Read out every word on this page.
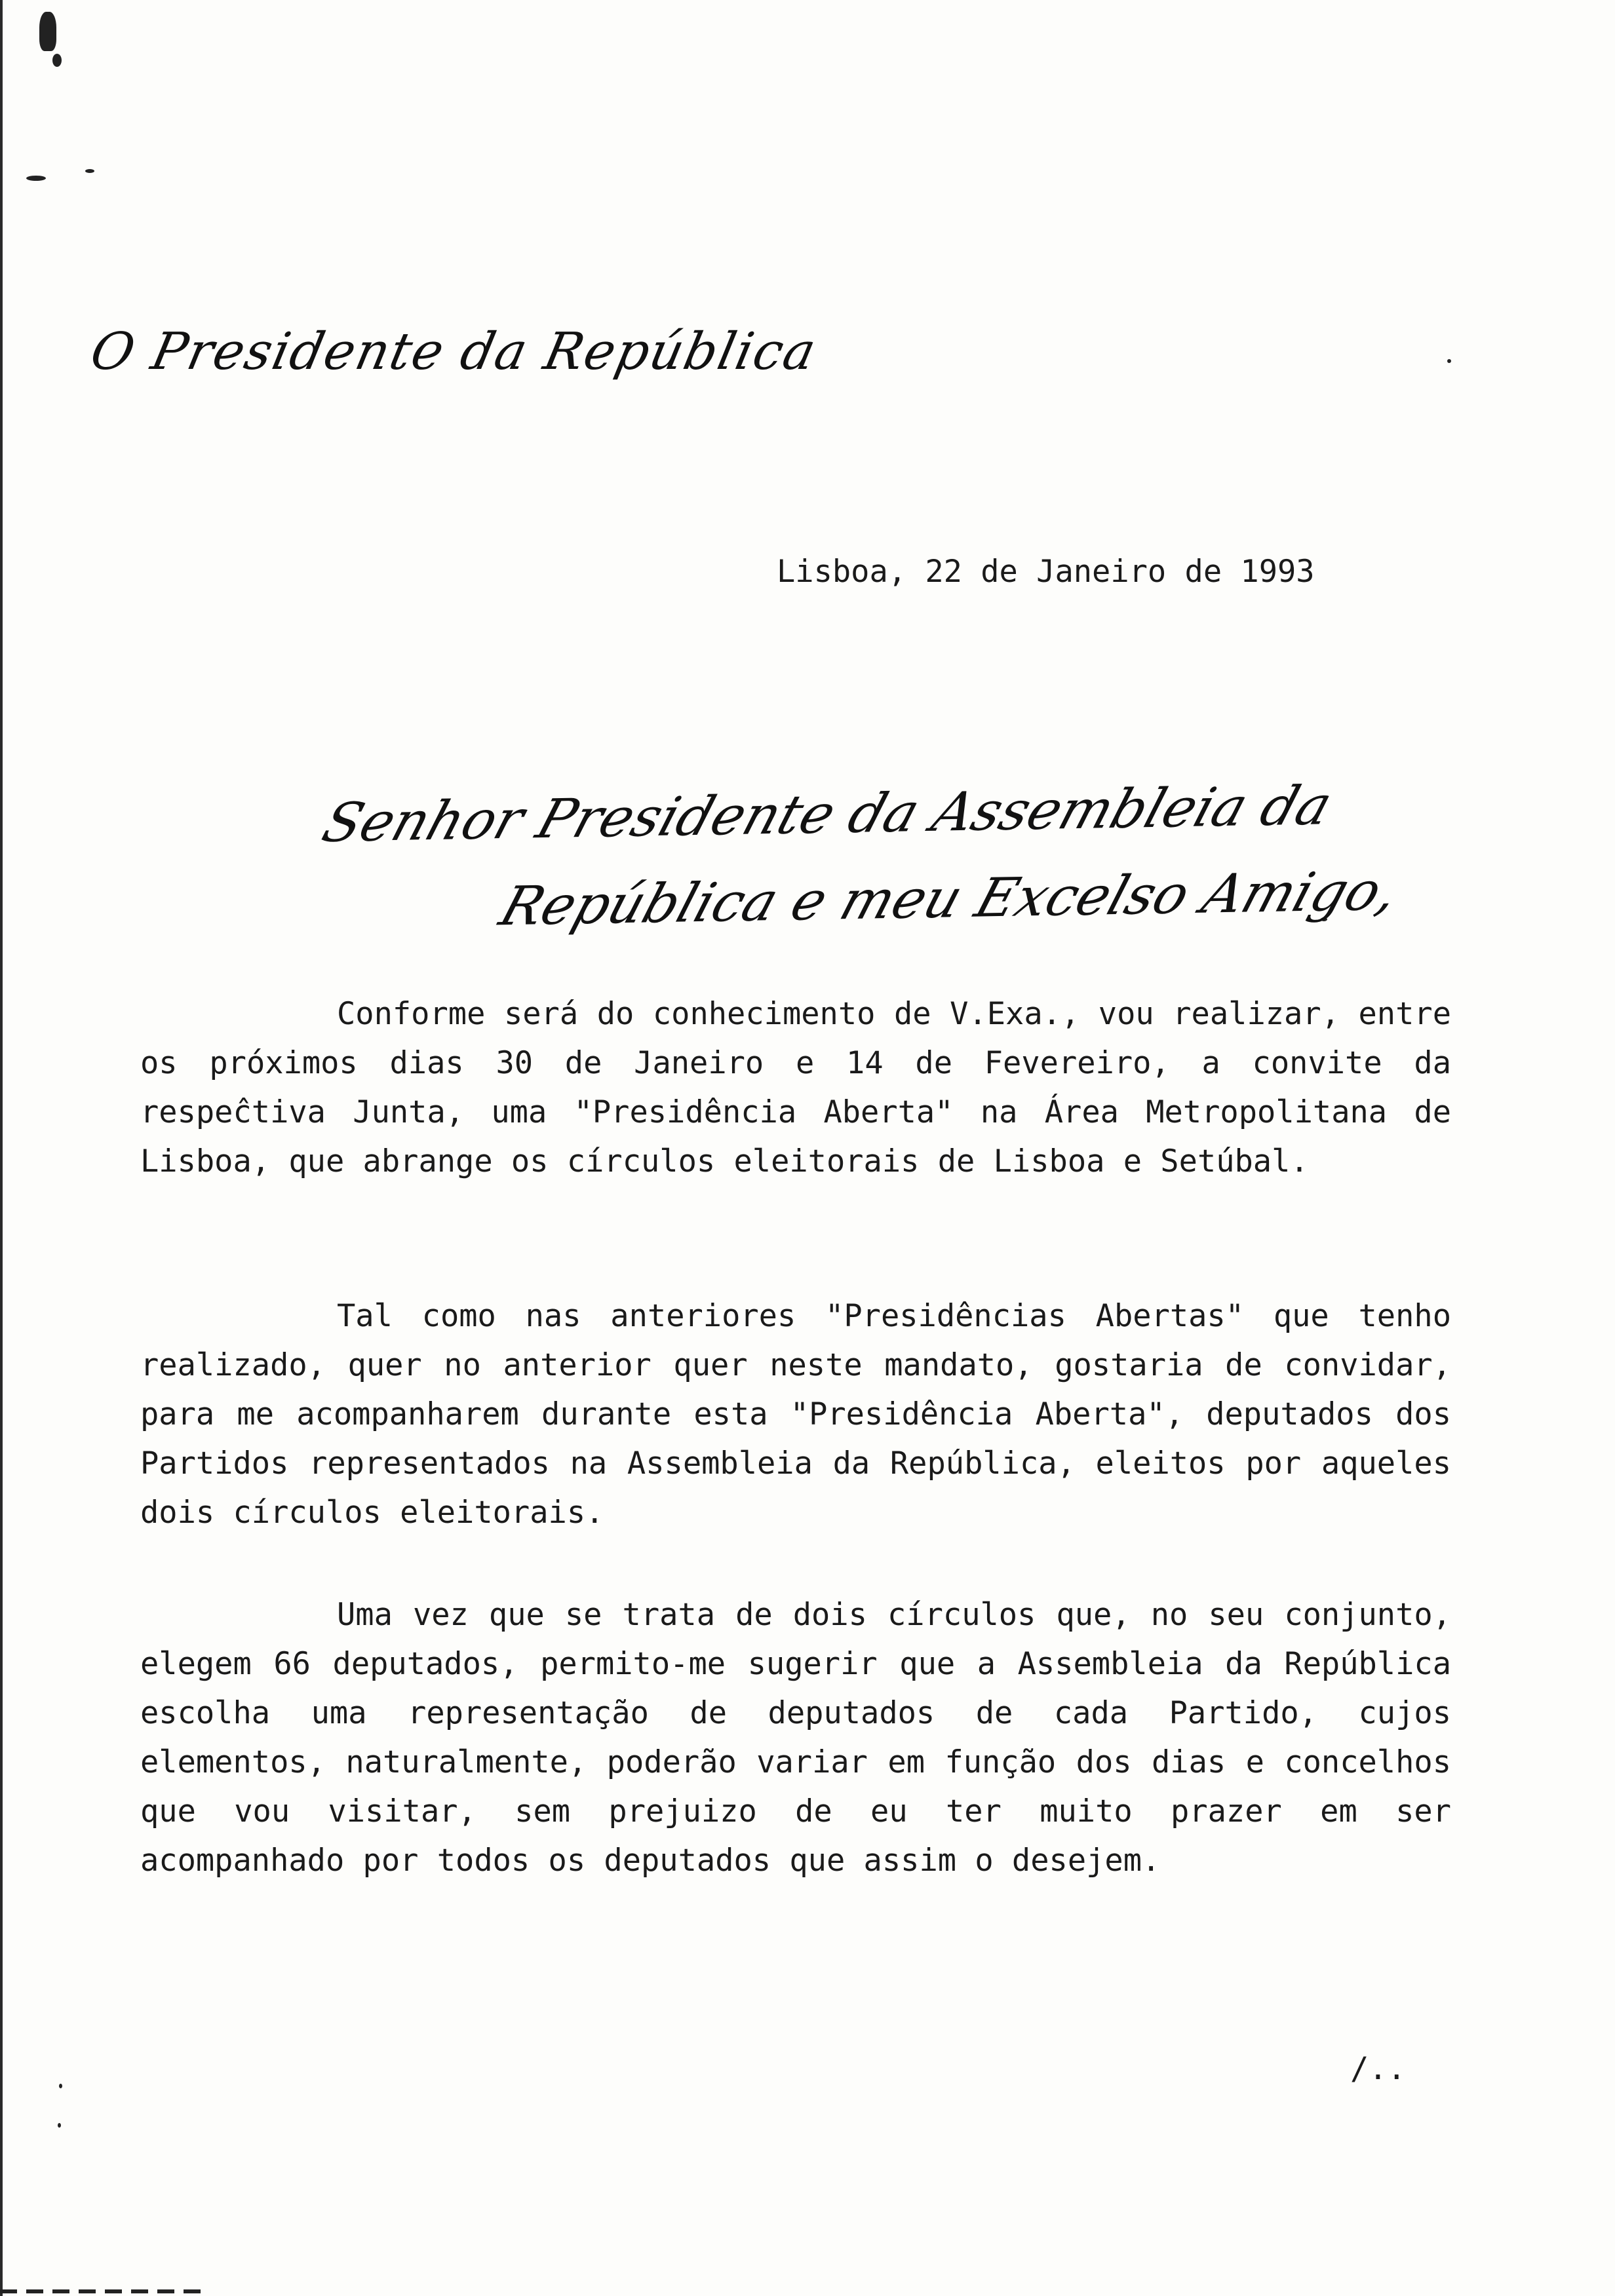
O Presidente da República
Lisboa, 22 de Janeiro de 1993
Senhor Presidente da Assembleia da
República e meu Excelso Amigo,

Conforme será do conhecimento de V.Exa., vou realizar, entre os próximos dias 30 de Janeiro e 14 de Fevereiro, a convite da respeĉtiva Junta, uma "Presidência Aberta" na Área Metropolitana de Lisboa, que abrange os círculos eleitorais de Lisboa e Setúbal.

Tal como nas anteriores "Presidências Abertas" que tenho realizado, quer no anterior quer neste mandato, gostaria de convidar, para me acompanharem durante esta "Presidência Aberta", deputados dos Partidos representados na Assembleia da República, eleitos por aqueles dois círculos eleitorais.

Uma vez que se trata de dois círculos que, no seu conjunto, elegem 66 deputados, permito-me sugerir que a Assembleia da República escolha uma representação de deputados de cada Partido, cujos elementos, naturalmente, poderão variar em função dos dias e concelhos que vou visitar, sem prejuizo de eu ter muito prazer em ser acompanhado por todos os deputados que assim o desejem.

/..
